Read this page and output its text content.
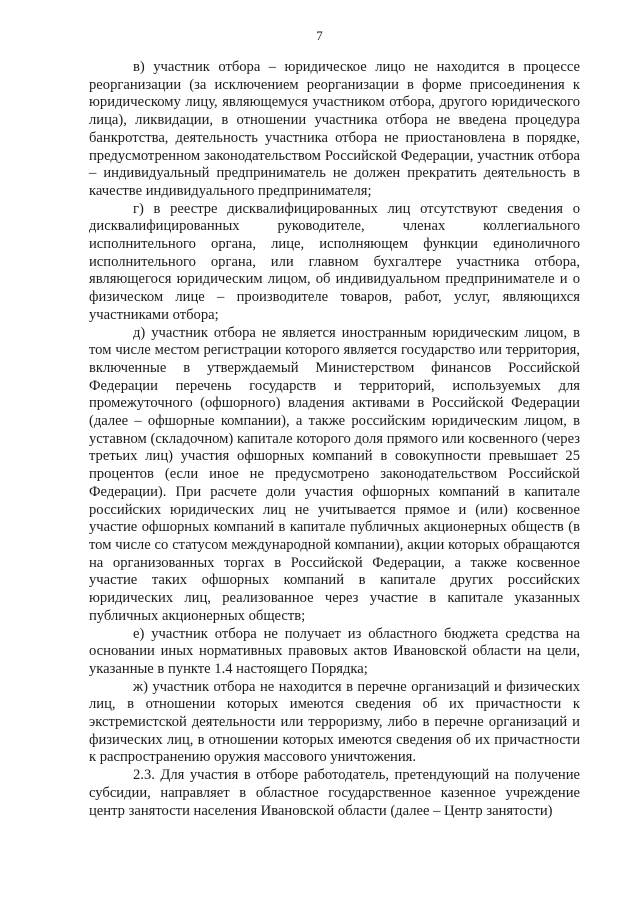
7

в) участник отбора – юридическое лицо не находится в процессе реорганизации (за исключением реорганизации в форме присоединения к юридическому лицу, являющемуся участником отбора, другого юридического лица), ликвидации, в отношении участника отбора не введена процедура банкротства, деятельность участника отбора не приостановлена в порядке, предусмотренном законодательством Российской Федерации, участник отбора – индивидуальный предприниматель не должен прекратить деятельность в качестве индивидуального предпринимателя;

г) в реестре дисквалифицированных лиц отсутствуют сведения о дисквалифицированных руководителе, членах коллегиального исполнительного органа, лице, исполняющем функции единоличного исполнительного органа, или главном бухгалтере участника отбора, являющегося юридическим лицом, об индивидуальном предпринимателе и о физическом лице – производителе товаров, работ, услуг, являющихся участниками отбора;

д) участник отбора не является иностранным юридическим лицом, в том числе местом регистрации которого является государство или территория, включенные в утверждаемый Министерством финансов Российской Федерации перечень государств и территорий, используемых для промежуточного (офшорного) владения активами в Российской Федерации (далее – офшорные компании), а также российским юридическим лицом, в уставном (складочном) капитале которого доля прямого или косвенного (через третьих лиц) участия офшорных компаний в совокупности превышает 25 процентов (если иное не предусмотрено законодательством Российской Федерации). При расчете доли участия офшорных компаний в капитале российских юридических лиц не учитывается прямое и (или) косвенное участие офшорных компаний в капитале публичных акционерных обществ (в том числе со статусом международной компании), акции которых обращаются на организованных торгах в Российской Федерации, а также косвенное участие таких офшорных компаний в капитале других российских юридических лиц, реализованное через участие в капитале указанных публичных акционерных обществ;

е) участник отбора не получает из областного бюджета средства на основании иных нормативных правовых актов Ивановской области на цели, указанные в пункте 1.4 настоящего Порядка;

ж) участник отбора не находится в перечне организаций и физических лиц, в отношении которых имеются сведения об их причастности к экстремистской деятельности или терроризму, либо в перечне организаций и физических лиц, в отношении которых имеются сведения об их причастности к распространению оружия массового уничтожения.

2.3. Для участия в отборе работодатель, претендующий на получение субсидии, направляет в областное государственное казенное учреждение центр занятости населения Ивановской области (далее – Центр занятости)
